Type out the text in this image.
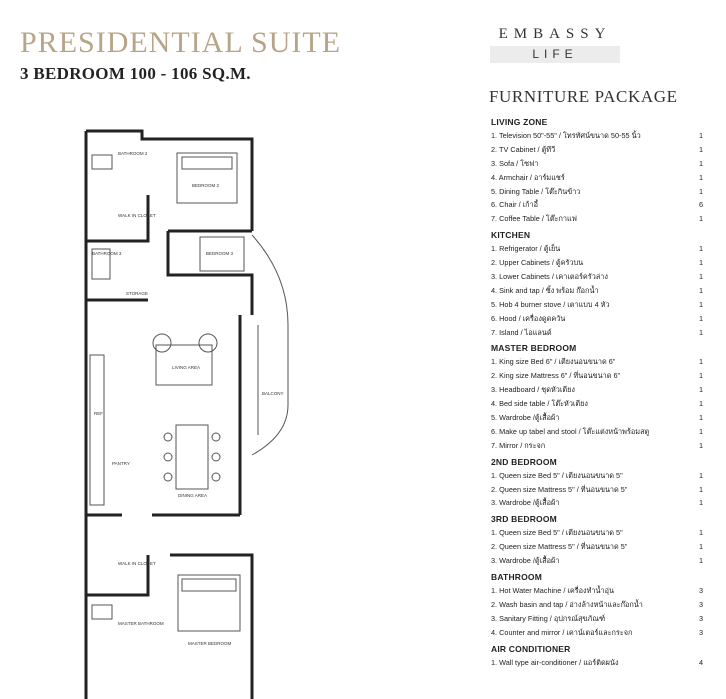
PRESIDENTIAL SUITE
3 BEDROOM 100 - 106 SQ.M.
EMBASSY
LIFE
FURNITURE PACKAGE
LIVING ZONE
1. Television 50"-55" / โทรทัศน์ขนาด 50-55 นิ้ว	1
2. TV Cabinet / ตู้ทีวี	1
3. Sofa / โซฟา	1
4. Armchair / อาร์มแชร์	1
5. Dining Table / โต๊ะกินข้าว	1
6. Chair / เก้าอี้	6
7. Coffee Table / โต๊ะกาแฟ	1
KITCHEN
1. Refrigerator / ตู้เย็น	1
2. Upper Cabinets / ตู้ครัวบน	1
3. Lower Cabinets / เคาเตอร์ครัวล่าง	1
4. Sink and tap / ซิ้ง พร้อม ก๊อกน้ำ	1
5. Hob 4 burner stove / เตาแบบ 4 หัว	1
6. Hood / เครื่องดูดควัน	1
7. Island / ไอแลนด์	1
MASTER BEDROOM
1. King size Bed 6" / เตียงนอนขนาด 6"	1
2. King size Mattress 6" / ที่นอนขนาด 6"	1
3. Headboard / ชุดหัวเตียง	1
4. Bed side table / โต๊ะหัวเตียง	1
5. Wardrobe /ตู้เสื้อผ้า	1
6. Make up tabel and stool / โต๊ะแต่งหน้าพร้อมสตู	1
7. Mirror / กระจก	1
2ND BEDROOM
1. Queen size Bed 5" / เตียงนอนขนาด 5"	1
2. Queen size Mattress 5" / ที่นอนขนาด 5"	1
3. Wardrobe /ตู้เสื้อผ้า	1
3RD BEDROOM
1. Queen size Bed 5" / เตียงนอนขนาด 5"	1
2. Queen size Mattress 5" / ที่นอนขนาด 5"	1
3. Wardrobe /ตู้เสื้อผ้า	1
BATHROOM
1. Hot Water Machine / เครื่องทำน้ำอุ่น	3
2. Wash basin and tap / อ่างล้างหน้าและก๊อกน้ำ	3
3. Sanitary Fitting / อุปกรณ์สุขภัณฑ์	3
4. Counter and mirror / เคาน์เตอร์และกระจก	3
AIR CONDITIONER
1. Wall type air-conditioner / แอร์ติดผนัง	4
BATHROOM 2
WALK IN CLOSET
BEDROOM 2
BATHROOM 3	BEDROOM 3
STORAGE
LIVING AREA
BALCONY
DINING AREA
PANTRY
REF
WALK IN CLOSET
MASTER BATHROOM
MASTER BEDROOM
